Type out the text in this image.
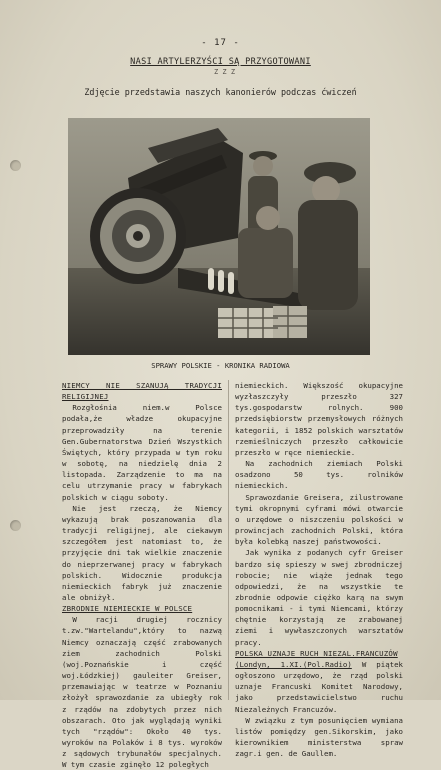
- 17 -
NASI ARTYLERZYŚCI SĄ PRZYGOTOWANI
Z Z Z
Zdjęcie przedstawia naszych kanonierów podczas ćwiczeń
SPRAWY POLSKIE - KRONIKA RADIOWA

NIEMCY NIE SZANUJĄ TRADYCJI RELIGIJNEJ

Rozgłośnia niem.w Polsce podała,że władze okupacyjne przeprowadziły na terenie Gen.Gubernatorstwa Dzień Wszystkich Świętych, który przypada w tym roku w sobotę, na niedzielę dnia 2 listopada. Zarządzenie to ma na celu utrzymanie pracy w fabrykach polskich w ciągu soboty.

Nie jest rzeczą, że Niemcy wykazują brak poszanowania dla tradycji religijnej, ale ciekawym szczegółem jest natomiast to, że przyjęcie dni tak wielkie znaczenie do nieprzerwanej pracy w fabrykach polskich. Widocznie produkcja niemieckich fabryk już znaczenie ale obniżył.

ZBRODNIE NIEMIECKIE W POLSCE

W racji drugiej rocznicy t.zw."Wartelandu",który to nazwą Niemcy oznaczają część zrabowanych ziem zachodnich Polski (woj.Poznańskie i część woj.Łódzkiej) gauleiter Greiser, przemawiając w teatrze w Poznaniu złożył sprawozdanie za ubiegły rok z rządów na zdobytych przez nich obszarach. Oto jak wyglądają wyniki tych "rządów": Około 40 tys. wyroków na Polaków i 8 tys. wyroków z sądowych trybunałów specjalnych. W tym czasie zginęło 12 poległych

niemieckich. Większość okupacyjne wyzłaszczyły przeszło 327 tys.gospodarstw rolnych. 900 przedsiębiorstw przemysłowych różnych kategorii, i 1852 polskich warsztatów rzemieślniczych przeszło całkowicie przeszło w ręce niemieckie.

Na zachodnich ziemiach Polski osadzono 50 tys. rolników niemieckich.

Sprawozdanie Greisera, zilustrowane tymi okropnymi cyframi mówi otwarcie o urzędowe o niszczeniu polskości w prowincjach zachodnich Polski, która była kolebką naszej państwowości.

Jak wynika z podanych cyfr Greiser bardzo się spieszy w swej zbrodniczej robocie; nie wiąże jednak tego odpowiedzi, że na wszystkie te zbrodnie odpowie ciężko karą na swym pomocnikami - i tymi Niemcami, którzy chętnie korzystają ze zrabowanej ziemi i wywłaszczonych warsztatów pracy.

POLSKA UZNAJE RUCH NIEZAL.FRANCUZÓW

(Londyn, 1.XI.(Pol.Radio) W piątek ogłoszono urzędowo, że rząd polski uznaje Francuski Komitet Narodowy, jako przedstawicielstwo ruchu Niezależnych Francuzów.

W związku z tym posunięciem wymiana listów pomiędzy gen.Sikorskim, jako kierownikiem ministerstwa spraw zagr.i gen. de Gaullem.
